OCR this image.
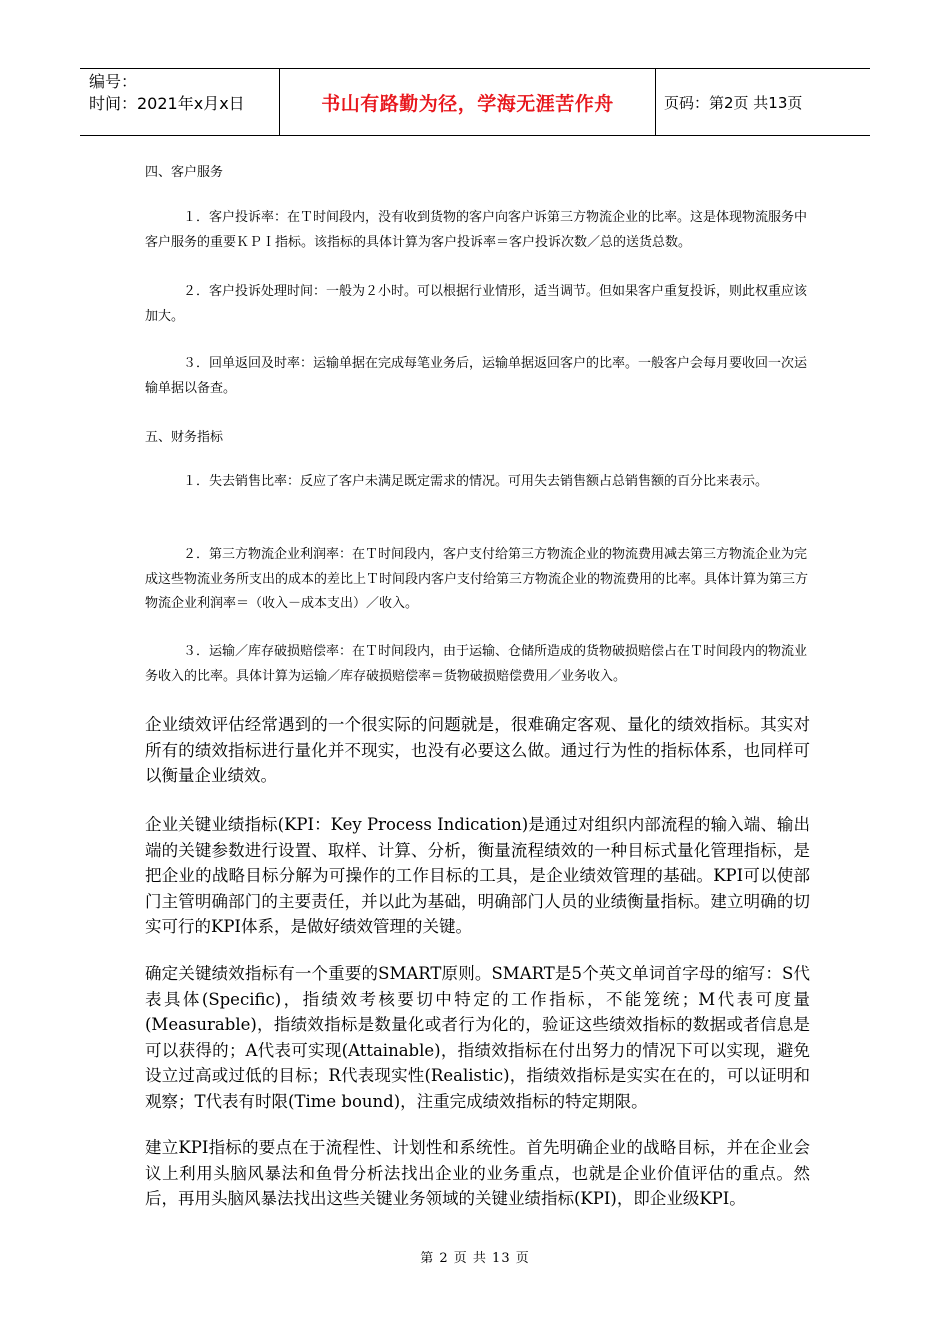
编号：
时间：2021年x月x日	书山有路勤为径，学海无涯苦作舟	页码：第2页 共13页
四、客户服务
１．客户投诉率：在Ｔ时间段内，没有收到货物的客户向客户诉第三方物流企业的比率。这是体现物流服务中客户服务的重要ＫＰＩ指标。该指标的具体计算为客户投诉率＝客户投诉次数／总的送货总数。
２．客户投诉处理时间：一般为２小时。可以根据行业情形，适当调节。但如果客户重复投诉，则此权重应该加大。
３．回单返回及时率：运输单据在完成每笔业务后，运输单据返回客户的比率。一般客户会每月要收回一次运输单据以备查。
五、财务指标
１．失去销售比率：反应了客户未满足既定需求的情况。可用失去销售额占总销售额的百分比来表示。
２．第三方物流企业利润率：在Ｔ时间段内，客户支付给第三方物流企业的物流费用减去第三方物流企业为完成这些物流业务所支出的成本的差比上Ｔ时间段内客户支付给第三方物流企业的物流费用的比率。具体计算为第三方物流企业利润率＝（收入－成本支出）／收入。
３．运输／库存破损赔偿率：在Ｔ时间段内，由于运输、仓储所造成的货物破损赔偿占在Ｔ时间段内的物流业务收入的比率。具体计算为运输／库存破损赔偿率＝货物破损赔偿费用／业务收入。
企业绩效评估经常遇到的一个很实际的问题就是，很难确定客观、量化的绩效指标。其实对所有的绩效指标进行量化并不现实，也没有必要这么做。通过行为性的指标体系，也同样可以衡量企业绩效。
企业关键业绩指标(KPI：Key Process Indication)是通过对组织内部流程的输入端、输出端的关键参数进行设置、取样、计算、分析，衡量流程绩效的一种目标式量化管理指标，是把企业的战略目标分解为可操作的工作目标的工具，是企业绩效管理的基础。KPI可以使部门主管明确部门的主要责任，并以此为基础，明确部门人员的业绩衡量指标。建立明确的切实可行的KPI体系，是做好绩效管理的关键。
确定关键绩效指标有一个重要的SMART原则。SMART是5个英文单词首字母的缩写：S代表具体(Specific)，指绩效考核要切中特定的工作指标，不能笼统；M代表可度量(Measurable)，指绩效指标是数量化或者行为化的，验证这些绩效指标的数据或者信息是可以获得的；A代表可实现(Attainable)，指绩效指标在付出努力的情况下可以实现，避免设立过高或过低的目标；R代表现实性(Realistic)，指绩效指标是实实在在的，可以证明和观察；T代表有时限(Time bound)，注重完成绩效指标的特定期限。
建立KPI指标的要点在于流程性、计划性和系统性。首先明确企业的战略目标，并在企业会议上利用头脑风暴法和鱼骨分析法找出企业的业务重点，也就是企业价值评估的重点。然后，再用头脑风暴法找出这些关键业务领域的关键业绩指标(KPI)，即企业级KPI。
第 2 页 共 13 页
